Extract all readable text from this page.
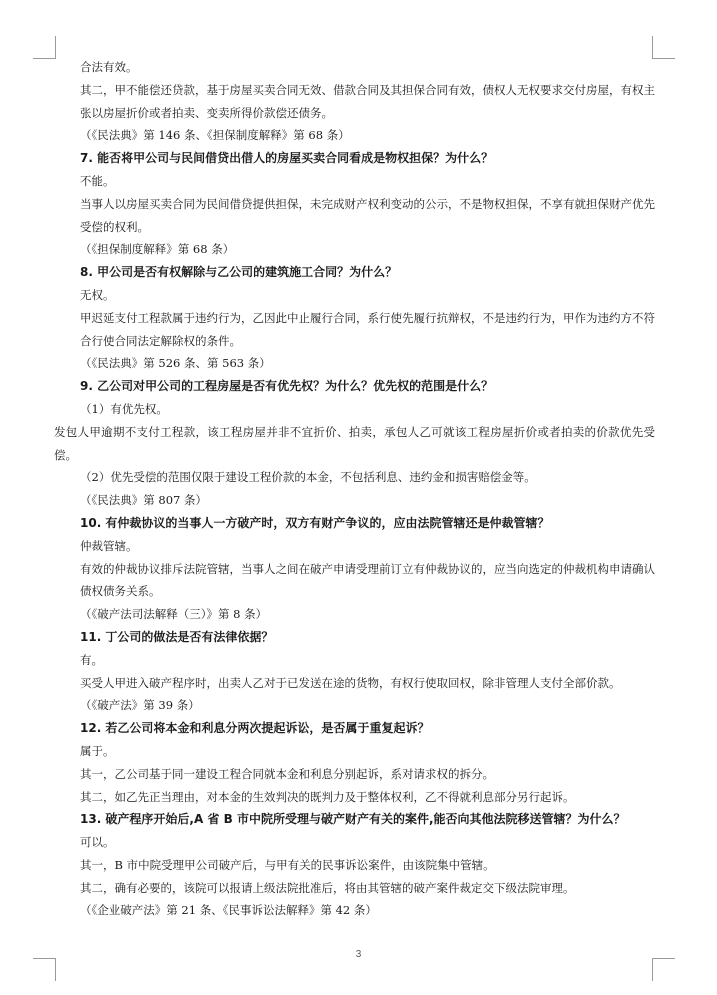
合法有效。

其二，甲不能偿还贷款，基于房屋买卖合同无效、借款合同及其担保合同有效，债权人无权要求交付房屋，有权主张以房屋折价或者拍卖、变卖所得价款偿还债务。

（《民法典》第 146 条、《担保制度解释》第 68 条）

7. 能否将甲公司与民间借贷出借人的房屋买卖合同看成是物权担保？为什么？

不能。

当事人以房屋买卖合同为民间借贷提供担保，未完成财产权利变动的公示，不是物权担保，不享有就担保财产优先受偿的权利。

（《担保制度解释》第 68 条）

8. 甲公司是否有权解除与乙公司的建筑施工合同？为什么？

无权。

甲迟延支付工程款属于违约行为，乙因此中止履行合同，系行使先履行抗辩权，不是违约行为，甲作为违约方不符合行使合同法定解除权的条件。

（《民法典》第 526 条、第 563 条）

9. 乙公司对甲公司的工程房屋是否有优先权？为什么？优先权的范围是什么？

（1）有优先权。

发包人甲逾期不支付工程款，该工程房屋并非不宜折价、拍卖，承包人乙可就该工程房屋折价或者拍卖的价款优先受偿。

（2）优先受偿的范围仅限于建设工程价款的本金，不包括利息、违约金和损害赔偿金等。

（《民法典》第 807 条）

10. 有仲裁协议的当事人一方破产时，双方有财产争议的，应由法院管辖还是仲裁管辖？

仲裁管辖。

有效的仲裁协议排斥法院管辖，当事人之间在破产申请受理前订立有仲裁协议的，应当向选定的仲裁机构申请确认债权债务关系。

（《破产法司法解释（三）》第 8 条）

11. 丁公司的做法是否有法律依据？

有。

买受人甲进入破产程序时，出卖人乙对于已发送在途的货物，有权行使取回权，除非管理人支付全部价款。

（《破产法》第 39 条）

12. 若乙公司将本金和利息分两次提起诉讼，是否属于重复起诉？

属于。

其一，乙公司基于同一建设工程合同就本金和利息分别起诉，系对请求权的拆分。

其二，如乙先正当理由，对本金的生效判决的既判力及于整体权利，乙不得就利息部分另行起诉。

13. 破产程序开始后,A 省 B 市中院所受理与破产财产有关的案件,能否向其他法院移送管辖？为什么？

可以。

其一，B 市中院受理甲公司破产后，与甲有关的民事诉讼案件，由该院集中管辖。

其二，确有必要的，该院可以报请上级法院批准后，将由其管辖的破产案件裁定交下级法院审理。

（《企业破产法》第 21 条、《民事诉讼法解释》第 42 条）

3
